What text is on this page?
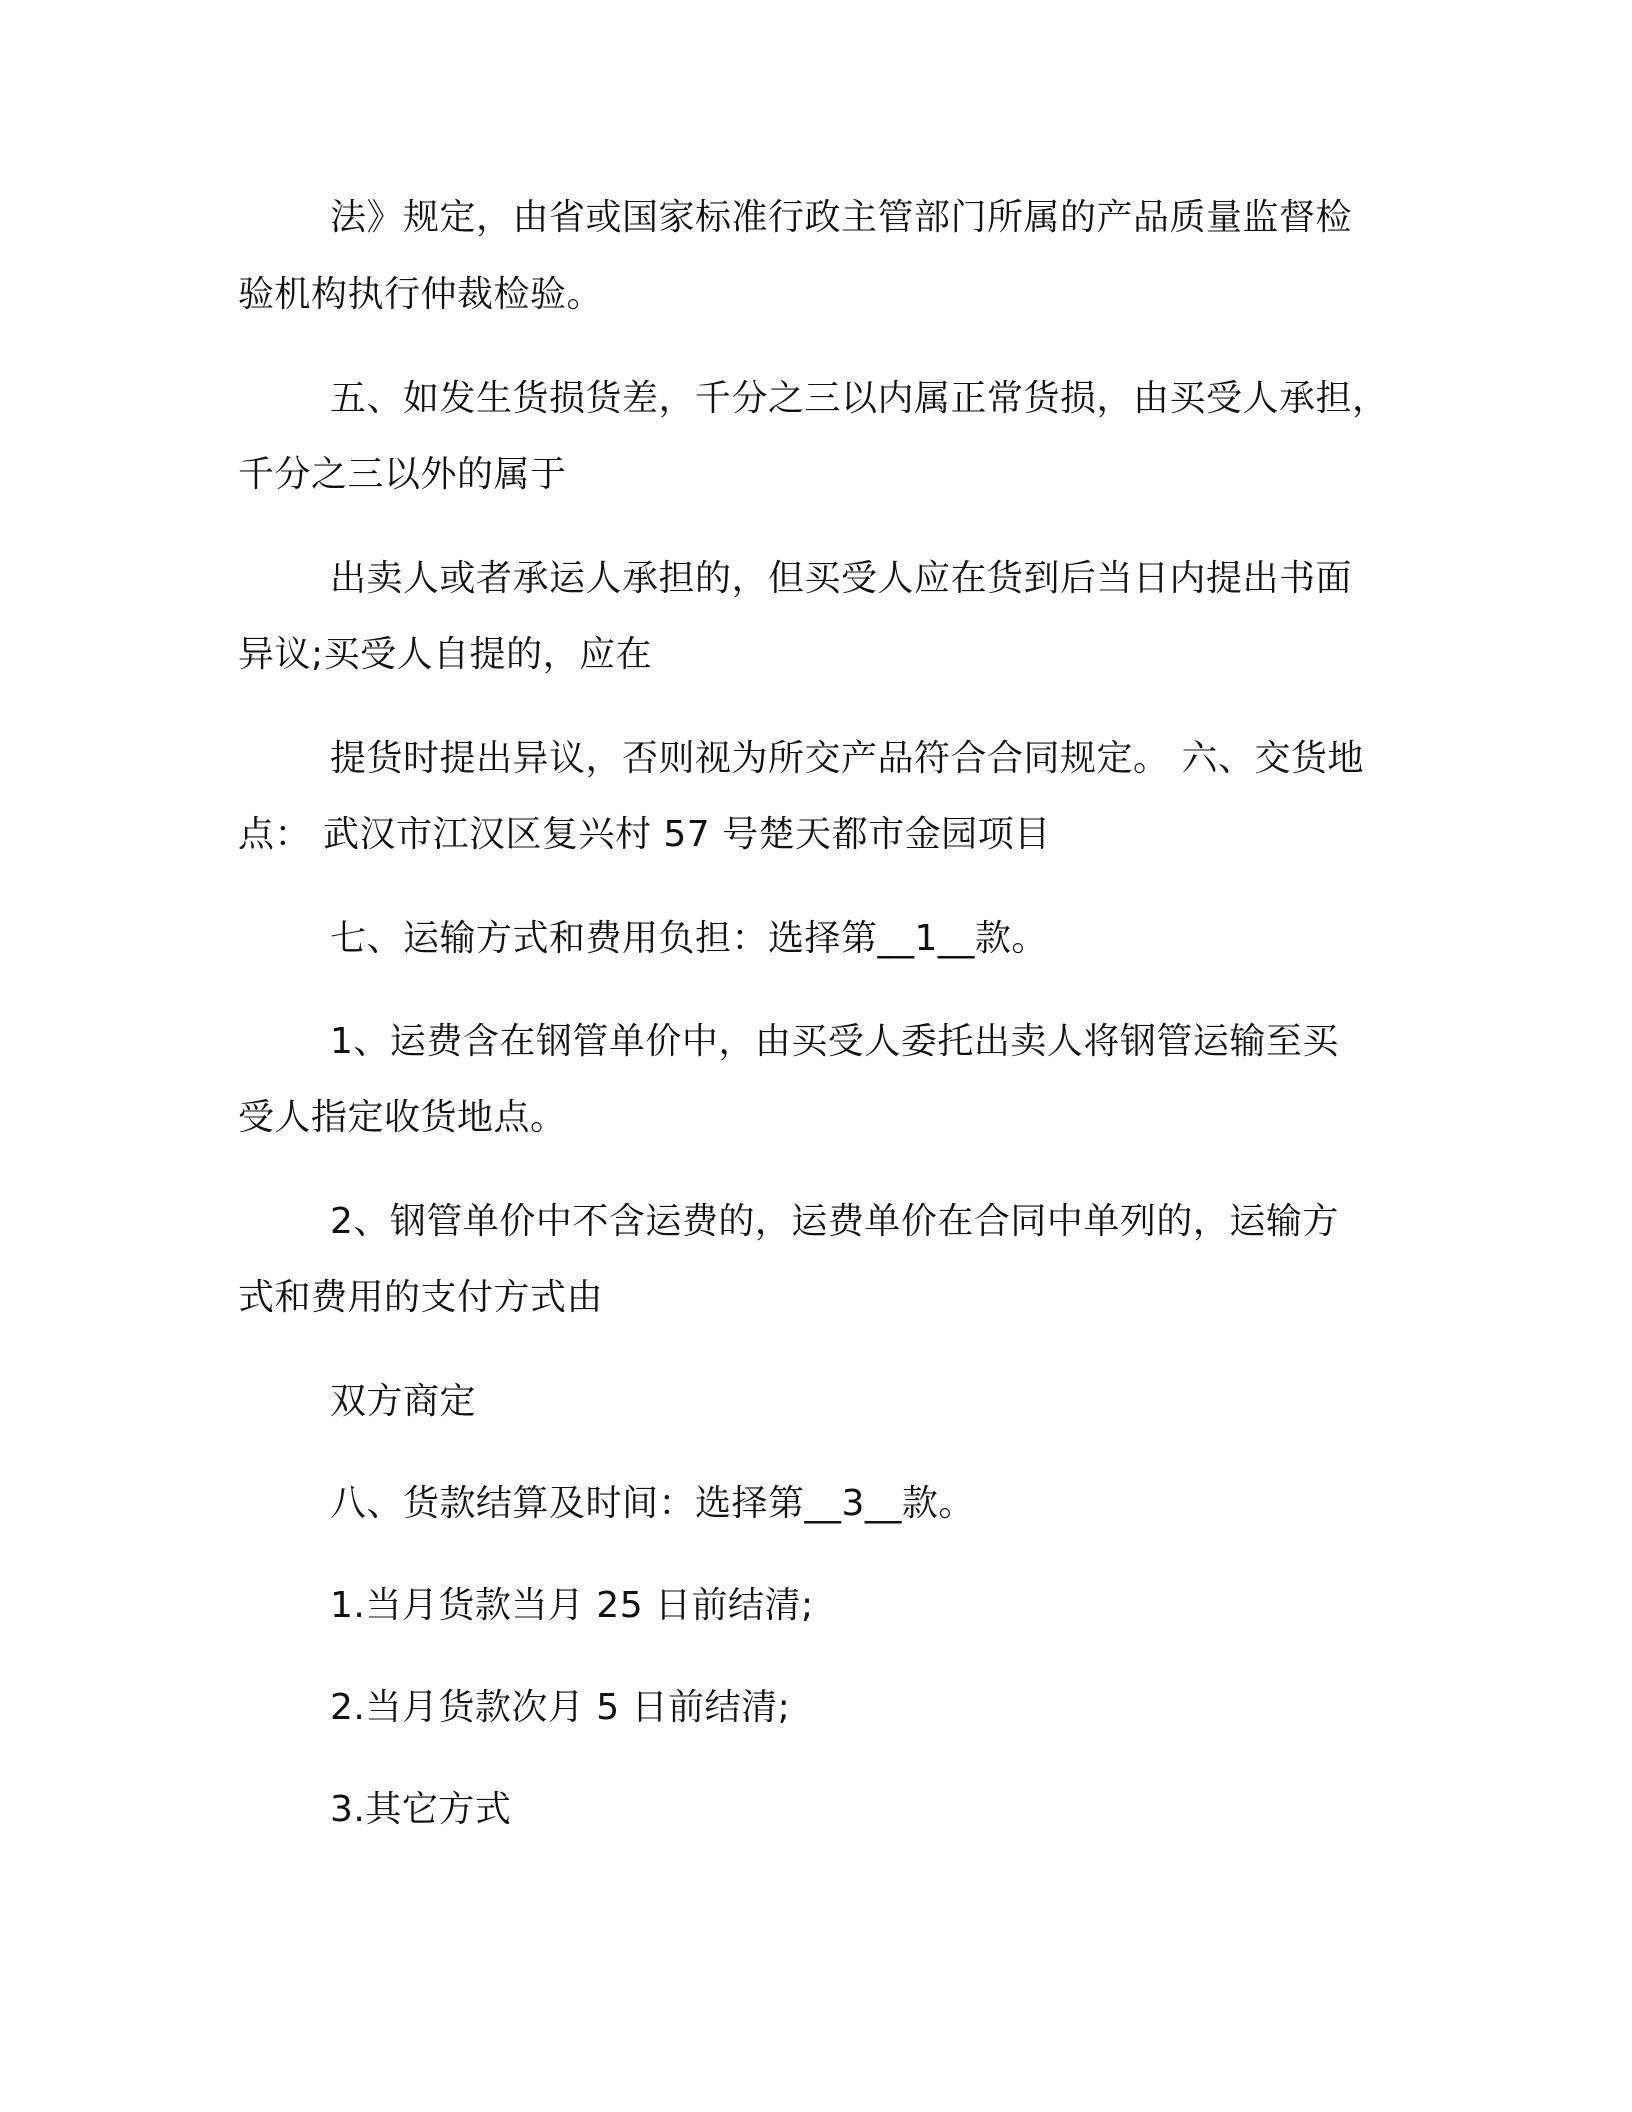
法》规定，由省或国家标准行政主管部门所属的产品质量监督检
验机构执行仲裁检验。
五、如发生货损货差，千分之三以内属正常货损，由买受人承担，
千分之三以外的属于
出卖人或者承运人承担的，但买受人应在货到后当日内提出书面
异议;买受人自提的，应在
提货时提出异议，否则视为所交产品符合合同规定。 六、交货地
点： 武汉市江汉区复兴村 57 号楚天都市金园项目
七、运输方式和费用负担：选择第__1__款。
1、运费含在钢管单价中，由买受人委托出卖人将钢管运输至买
受人指定收货地点。
2、钢管单价中不含运费的，运费单价在合同中单列的，运输方
式和费用的支付方式由
双方商定
八、货款结算及时间：选择第__3__款。
1.当月货款当月 25 日前结清;
2.当月货款次月 5 日前结清;
3.其它方式
